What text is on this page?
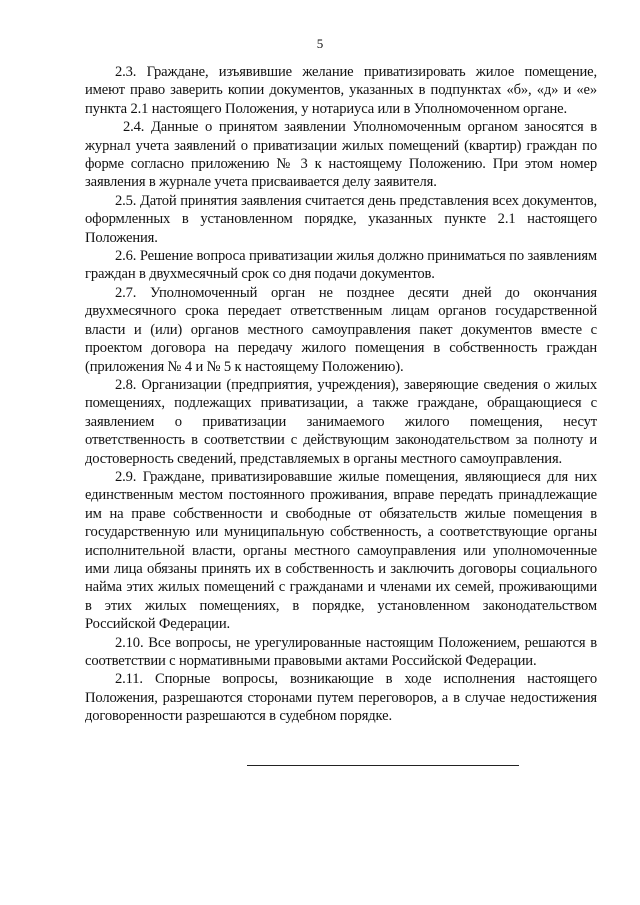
5

2.3. Граждане, изъявившие желание приватизировать жилое помещение, имеют право заверить копии документов, указанных в подпунктах «б», «д» и «е» пункта 2.1 настоящего Положения, у нотариуса или в Уполномоченном органе.

2.4. Данные о принятом заявлении Уполномоченным органом заносятся в журнал учета заявлений о приватизации жилых помещений (квартир) граждан по форме согласно приложению № 3 к настоящему Положению. При этом номер заявления в журнале учета присваивается делу заявителя.

2.5. Датой принятия заявления считается день представления всех документов, оформленных в установленном порядке, указанных пункте 2.1 настоящего Положения.

2.6. Решение вопроса приватизации жилья должно приниматься по заявлениям граждан в двухмесячный срок со дня подачи документов.

2.7. Уполномоченный орган не позднее десяти дней до окончания двухмесячного срока передает ответственным лицам органов государственной власти и (или) органов местного самоуправления пакет документов вместе с проектом договора на передачу жилого помещения в собственность граждан (приложения № 4 и № 5 к настоящему Положению).

2.8. Организации (предприятия, учреждения), заверяющие сведения о жилых помещениях, подлежащих приватизации, а также граждане, обращающиеся с заявлением о приватизации занимаемого жилого помещения, несут ответственность в соответствии с действующим законодательством за полноту и достоверность сведений, представляемых в органы местного самоуправления.

2.9. Граждане, приватизировавшие жилые помещения, являющиеся для них единственным местом постоянного проживания, вправе передать принадлежащие им на праве собственности и свободные от обязательств жилые помещения в государственную или муниципальную собственность, а соответствующие органы исполнительной власти, органы местного самоуправления или уполномоченные ими лица обязаны принять их в собственность и заключить договоры социального найма этих жилых помещений с гражданами и членами их семей, проживающими в этих жилых помещениях, в порядке, установленном законодательством Российской Федерации.

2.10. Все вопросы, не урегулированные настоящим Положением, решаются в соответствии с нормативными правовыми актами Российской Федерации.

2.11. Спорные вопросы, возникающие в ходе исполнения настоящего Положения, разрешаются сторонами путем переговоров, а в случае недостижения договоренности разрешаются в судебном порядке.
